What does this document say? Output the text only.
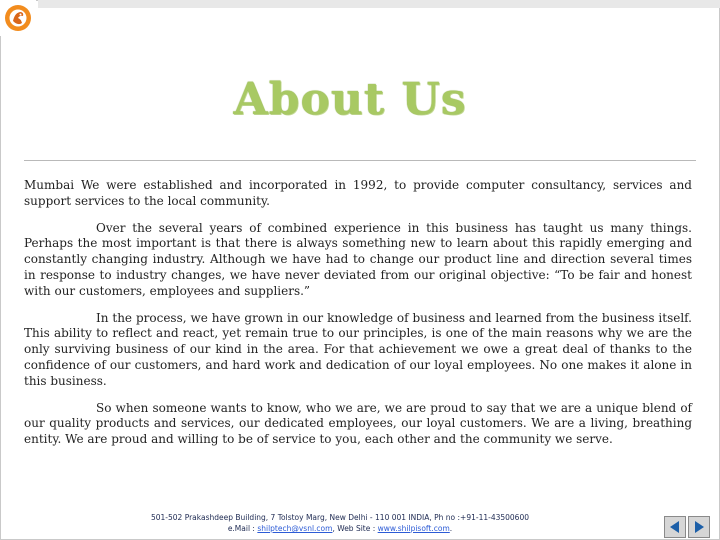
About Us

Mumbai We were established and incorporated in 1992, to provide computer consultancy, services and support services to the local community.

Over the several years of combined experience in this business has taught us many things. Perhaps the most important is that there is always something new to learn about this rapidly emerging and constantly changing industry. Although we have had to change our product line and direction several times in response to industry changes, we have never deviated from our original objective: “To be fair and honest with our customers, employees and suppliers.”

In the process, we have grown in our knowledge of business and learned from the business itself. This ability to reflect and react, yet remain true to our principles, is one of the main reasons why we are the only surviving business of our kind in the area. For that achievement we owe a great deal of thanks to the confidence of our customers, and hard work and dedication of our loyal employees. No one makes it alone in this business.

So when someone wants to know, who we are, we are proud to say that we are a unique blend of our quality products and services, our dedicated employees, our loyal customers. We are a living, breathing entity. We are proud and willing to be of service to you, each other and the community we serve.

501-502 Prakashdeep Building, 7 Tolstoy Marg, New Delhi - 110 001 INDIA, Ph no :+91-11-43500600
e.Mail : shilptech@vsnl.com, Web Site : www.shilpisoft.com.
